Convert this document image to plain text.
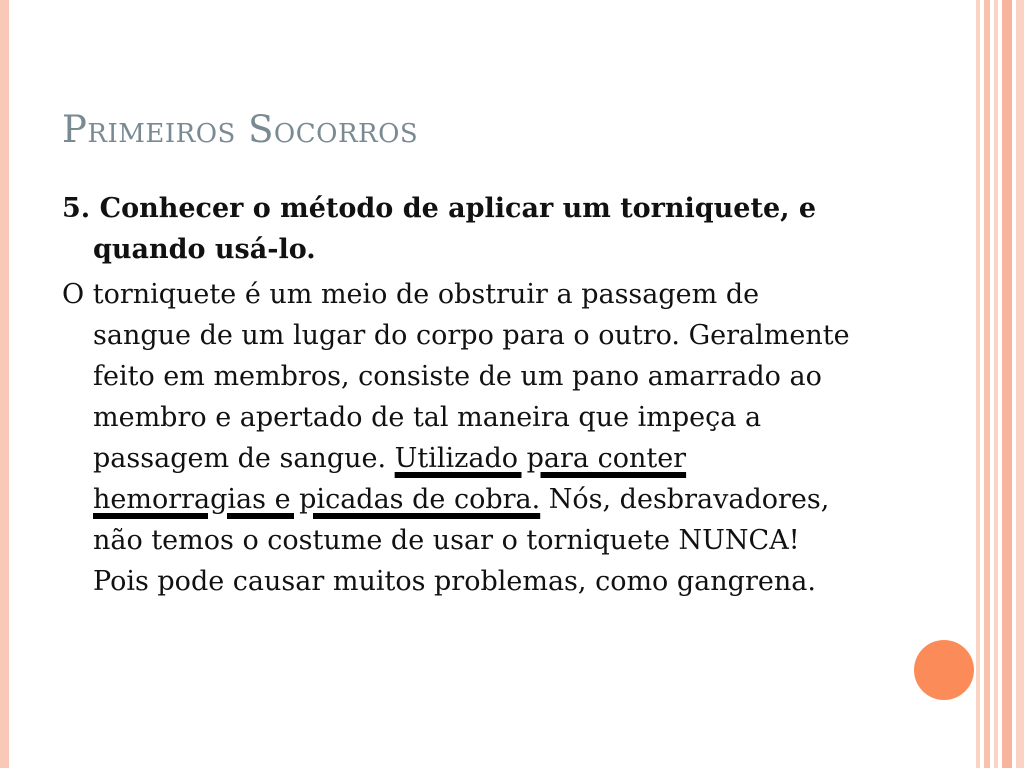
Primeiros Socorros

5. Conhecer o método de aplicar um torniquete, e quando usá-lo.

O torniquete é um meio de obstruir a passagem de sangue de um lugar do corpo para o outro. Geralmente feito em membros, consiste de um pano amarrado ao membro e apertado de tal maneira que impeça a passagem de sangue. Utilizado para conter hemorragias e picadas de cobra. Nós, desbravadores, não temos o costume de usar o torniquete NUNCA! Pois pode causar muitos problemas, como gangrena.
